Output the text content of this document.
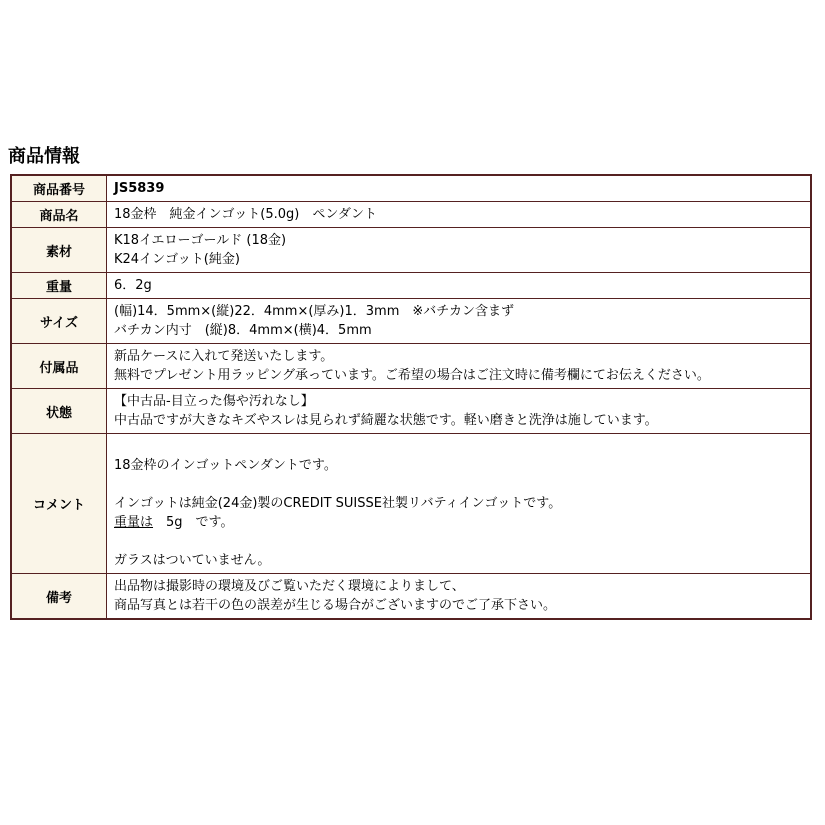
商品情報
商品番号	JS5839

商品名	18金枠　純金インゴット(5.0g)　ペンダント

素材	K18イエローゴールド (18金)
K24インゴット(純金)

重量	6．2g

サイズ	(幅)14．5mm×(縦)22．4mm×(厚み)1．3mm　※バチカン含まず
バチカン内寸　(縦)8．4mm×(横)4．5mm

付属品	新品ケースに入れて発送いたします。
無料でプレゼント用ラッピング承っています。ご希望の場合はご注文時に備考欄にてお伝えください。

状態	【中古品-目立った傷や汚れなし】
中古品ですが大きなキズやスレは見られず綺麗な状態です。軽い磨きと洗浄は施しています。

コメント	18金枠のインゴットペンダントです。
インゴットは純金(24金)製のCREDIT SUISSE社製リバティインゴットです。
重量は　5g　です。
ガラスはついていません。

備考	出品物は撮影時の環境及びご覧いただく環境によりまして、
商品写真とは若干の色の誤差が生じる場合がございますのでご了承下さい。
